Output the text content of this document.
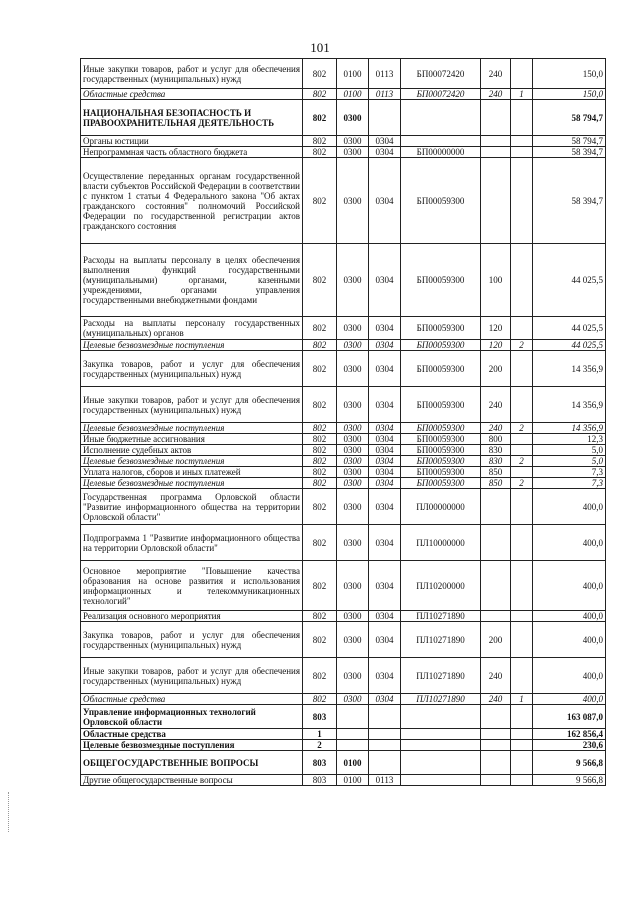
101
Иные закупки товаров, работ и услуг для обеспечения государственных (муниципальных) нужд	802	0100	0113	БП00072420	240		150,0
Областные средства	802	0100	0113	БП00072420	240	1	150,0
НАЦИОНАЛЬНАЯ БЕЗОПАСНОСТЬ И ПРАВООХРАНИТЕЛЬНАЯ ДЕЯТЕЛЬНОСТЬ	802	0300					58 794,7
Органы юстиции	802	0300	0304				58 794,7
Непрограммная часть областного бюджета	802	0300	0304	БП00000000			58 394,7
Осуществление переданных органам государственной власти субъектов Российской Федерации в соответствии с пунктом 1 статьи 4 Федерального закона "Об актах гражданского состояния" полномочий Российской Федерации по государственной регистрации актов гражданского состояния	802	0300	0304	БП00059300			58 394,7
Расходы на выплаты персоналу в целях обеспечения выполнения функций государственными (муниципальными) органами, казенными учреждениями, органами управления государственными внебюджетными фондами	802	0300	0304	БП00059300	100		44 025,5
Расходы на выплаты персоналу государственных (муниципальных) органов	802	0300	0304	БП00059300	120		44 025,5
Целевые безвозмездные поступления	802	0300	0304	БП00059300	120	2	44 025,5
Закупка товаров, работ и услуг для обеспечения государственных (муниципальных) нужд	802	0300	0304	БП00059300	200		14 356,9
Иные закупки товаров, работ и услуг для обеспечения государственных (муниципальных) нужд	802	0300	0304	БП00059300	240		14 356,9
Целевые безвозмездные поступления	802	0300	0304	БП00059300	240	2	14 356,9
Иные бюджетные ассигнования	802	0300	0304	БП00059300	800		12,3
Исполнение судебных актов	802	0300	0304	БП00059300	830		5,0
Целевые безвозмездные поступления	802	0300	0304	БП00059300	830	2	5,0
Уплата налогов, сборов и иных платежей	802	0300	0304	БП00059300	850		7,3
Целевые безвозмездные поступления	802	0300	0304	БП00059300	850	2	7,3
Государственная программа Орловской области "Развитие информационного общества на территории Орловской области"	802	0300	0304	ПЛ00000000			400,0
Подпрограмма 1 "Развитие информационного общества на территории Орловской области"	802	0300	0304	ПЛ10000000			400,0
Основное мероприятие "Повышение качества образования на основе развития и использования информационных и телекоммуникационных технологий"	802	0300	0304	ПЛ10200000			400,0
Реализация основного мероприятия	802	0300	0304	ПЛ10271890			400,0
Закупка товаров, работ и услуг для обеспечения государственных (муниципальных) нужд	802	0300	0304	ПЛ10271890	200		400,0
Иные закупки товаров, работ и услуг для обеспечения государственных (муниципальных) нужд	802	0300	0304	ПЛ10271890	240		400,0
Областные средства	802	0300	0304	ПЛ10271890	240	1	400,0
Управление информационных технологий Орловской области	803						163 087,0
Областные средства	1						162 856,4
Целевые безвозмездные поступления	2						230,6
ОБЩЕГОСУДАРСТВЕННЫЕ ВОПРОСЫ	803	0100					9 566,8
Другие общегосударственные вопросы	803	0100	0113				9 566,8
